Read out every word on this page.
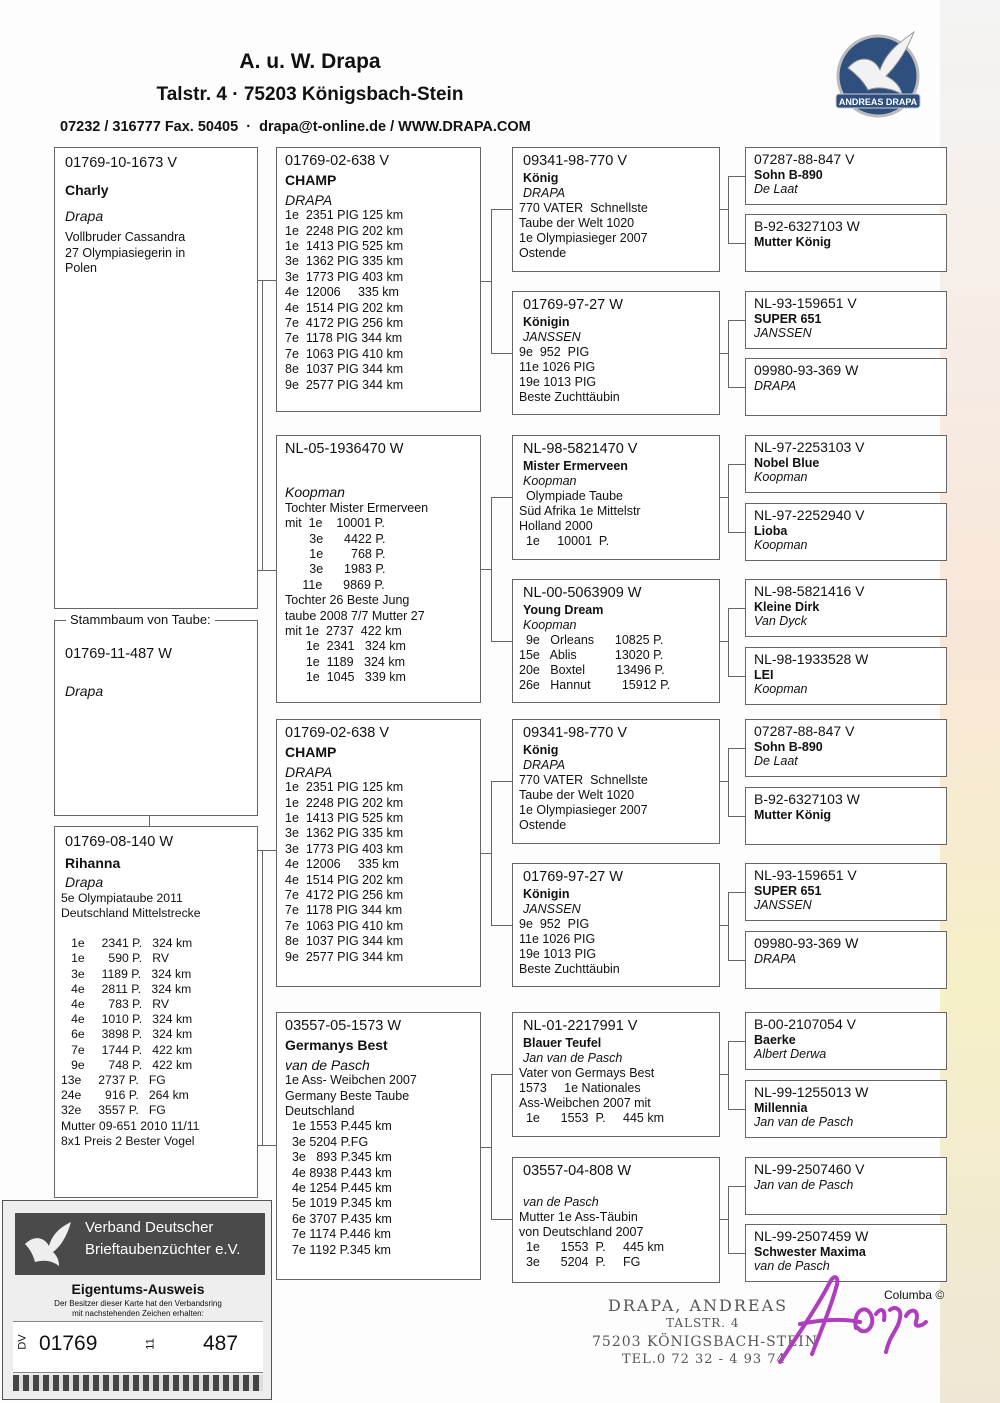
A. u. W. Drapa
Talstr. 4 · 75203 Königsbach-Stein
07232 / 316777 Fax. 50405  ·  drapa@t-online.de / WWW.DRAPA.COM
ANDREAS DRAPA
01769-10-1673 V
Charly
Drapa
Vollbruder Cassandra
27 Olympiasiegerin in
Polen
01769-11-487 W
Drapa
Stammbaum von Taube:
01769-08-140 W
Rihanna
Drapa
5e Olympiataube 2011
Deutschland Mittelstrecke

1e     2341 P.   324 km
1e       590 P.   RV
3e     1189 P.   324 km
4e     2811 P.   324 km
4e       783 P.   RV
4e     1010 P.   324 km
6e     3898 P.   324 km
7e     1744 P.   422 km
9e       748 P.   422 km
13e     2737 P.   FG
24e       916 P.   264 km
32e     3557 P.   FG
Mutter 09-651 2010 11/11
8x1 Preis 2 Bester Vogel
01769-02-638 V
CHAMP
DRAPA
1e  2351 PIG 125 km
1e  2248 PIG 202 km
1e  1413 PIG 525 km
3e  1362 PIG 335 km
3e  1773 PIG 403 km
4e  12006     335 km
4e  1514 PIG 202 km
7e  4172 PIG 256 km
7e  1178 PIG 344 km
7e  1063 PIG 410 km
8e  1037 PIG 344 km
9e  2577 PIG 344 km
NL-05-1936470 W
Koopman
Tochter Mister Ermerveen
mit  1e    10001 P.
3e      4422 P.
1e        768 P.
3e      1983 P.
11e      9869 P.
Tochter 26 Beste Jung
taube 2008 7/7 Mutter 27
mit 1e  2737  422 km
1e  2341   324 km
1e  1189   324 km
1e  1045   339 km
01769-02-638 V
CHAMP
DRAPA
1e  2351 PIG 125 km
1e  2248 PIG 202 km
1e  1413 PIG 525 km
3e  1362 PIG 335 km
3e  1773 PIG 403 km
4e  12006     335 km
4e  1514 PIG 202 km
7e  4172 PIG 256 km
7e  1178 PIG 344 km
7e  1063 PIG 410 km
8e  1037 PIG 344 km
9e  2577 PIG 344 km
03557-05-1573 W
Germanys Best
van de Pasch
1e Ass- Weibchen 2007
Germany Beste Taube
Deutschland
1e 1553 P.445 km
3e 5204 P.FG
3e   893 P.345 km
4e 8938 P.443 km
4e 1254 P.445 km
5e 1019 P.345 km
6e 3707 P.435 km
7e 1174 P.446 km
7e 1192 P.345 km
09341-98-770 V
König
DRAPA
770 VATER  Schnellste
Taube der Welt 1020
1e Olympiasieger 2007
Ostende
01769-97-27 W
Königin
JANSSEN
9e  952  PIG
11e 1026 PIG
19e 1013 PIG
Beste Zuchttäubin
NL-98-5821470 V
Mister Ermerveen
Koopman
Olympiade Taube
Süd Afrika 1e Mittelstr
Holland 2000
1e     10001  P.
NL-00-5063909 W
Young Dream
Koopman
9e   Orleans      10825 P.
15e   Ablis           13020 P.
20e   Boxtel         13496 P.
26e   Hannut         15912 P.
09341-98-770 V
König
DRAPA
770 VATER  Schnellste
Taube der Welt 1020
1e Olympiasieger 2007
Ostende
01769-97-27 W
Königin
JANSSEN
9e  952  PIG
11e 1026 PIG
19e 1013 PIG
Beste Zuchttäubin
NL-01-2217991 V
Blauer Teufel
Jan van de Pasch
Vater von Germays Best
1573     1e Nationales
Ass-Weibchen 2007 mit
1e      1553  P.     445 km
03557-04-808 W
van de Pasch
Mutter 1e Ass-Täubin
von Deutschland 2007
1e      1553  P.     445 km
3e      5204  P.     FG
07287-88-847 V
Sohn B-890
De Laat
B-92-6327103 W
Mutter König
NL-93-159651 V
SUPER 651
JANSSEN
09980-93-369 W
DRAPA
NL-97-2253103 V
Nobel Blue
Koopman
NL-97-2252940 V
Lioba
Koopman
NL-98-5821416 V
Kleine Dirk
Van Dyck
NL-98-1933528 W
LEI
Koopman
07287-88-847 V
Sohn B-890
De Laat
B-92-6327103 W
Mutter König
NL-93-159651 V
SUPER 651
JANSSEN
09980-93-369 W
DRAPA
B-00-2107054 V
Baerke
Albert Derwa
NL-99-1255013 W
Millennia
Jan van de Pasch
NL-99-2507460 V
Jan van de Pasch
NL-99-2507459 W
Schwester Maxima
van de Pasch
Verband Deutscher
Brieftaubenzüchter e.V.
Eigentums-Ausweis
Der Besitzer dieser Karte hat den Verbandsring
mit nachstehenden Zeichen erhalten:
DV 01769	11 487
DRAPA, ANDREAS
TALSTR. 4
75203 KÖNIGSBACH-STEIN
TEL.0 72 32 - 4 93 74
Columba ©
